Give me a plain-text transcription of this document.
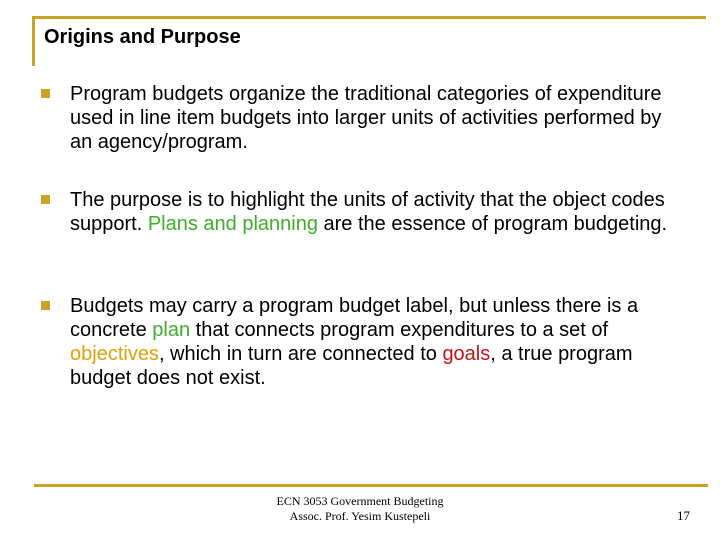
Origins and Purpose
Program budgets organize the traditional categories of expenditure used in line item budgets into larger units of activities performed by an agency/program.
The purpose is to highlight the units of activity that the object codes support. Plans and planning are the essence of program budgeting.
Budgets may carry a program budget label, but unless there is a concrete plan that connects program expenditures to a set of objectives, which in turn are connected to goals, a true program budget does not exist.
ECN 3053 Government Budgeting
Assoc. Prof. Yesim Kustepeli	17
